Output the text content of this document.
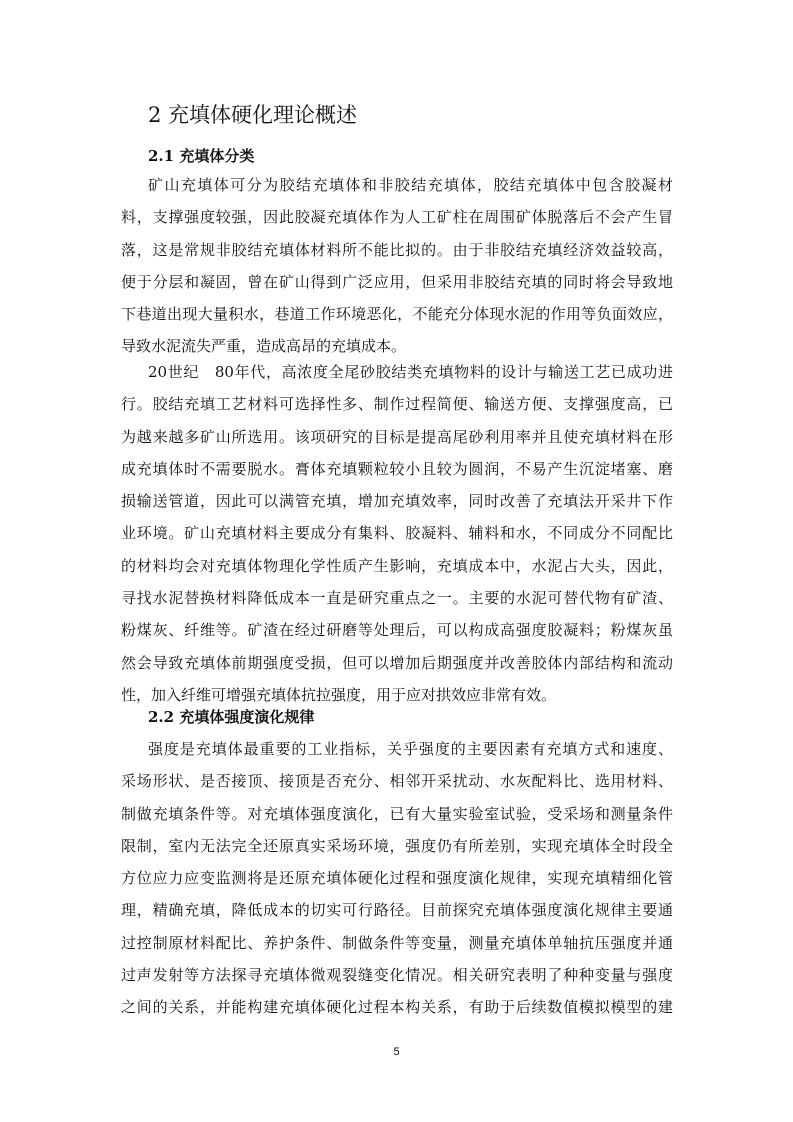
2 充填体硬化理论概述
2.1 充填体分类
矿山充填体可分为胶结充填体和非胶结充填体，胶结充填体中包含胶凝材
料，支撑强度较强，因此胶凝充填体作为人工矿柱在周围矿体脱落后不会产生冒
落，这是常规非胶结充填体材料所不能比拟的。由于非胶结充填经济效益较高，
便于分层和凝固，曾在矿山得到广泛应用，但采用非胶结充填的同时将会导致地
下巷道出现大量积水，巷道工作环境恶化，不能充分体现水泥的作用等负面效应，
导致水泥流失严重，造成高昂的充填成本。
20世纪　80年代，高浓度全尾砂胶结类充填物料的设计与输送工艺已成功进
行。胶结充填工艺材料可选择性多、制作过程简便、输送方便、支撑强度高，已
为越来越多矿山所选用。该项研究的目标是提高尾砂利用率并且使充填材料在形
成充填体时不需要脱水。膏体充填颗粒较小且较为圆润，不易产生沉淀堵塞、磨
损输送管道，因此可以满管充填，增加充填效率，同时改善了充填法开采井下作
业环境。矿山充填材料主要成分有集料、胶凝料、辅料和水，不同成分不同配比
的材料均会对充填体物理化学性质产生影响，充填成本中，水泥占大头，因此，
寻找水泥替换材料降低成本一直是研究重点之一。主要的水泥可替代物有矿渣、
粉煤灰、纤维等。矿渣在经过研磨等处理后，可以构成高强度胶凝料；粉煤灰虽
然会导致充填体前期强度受损，但可以增加后期强度并改善胶体内部结构和流动
性，加入纤维可增强充填体抗拉强度，用于应对拱效应非常有效。
2.2 充填体强度演化规律
强度是充填体最重要的工业指标，关乎强度的主要因素有充填方式和速度、
采场形状、是否接顶、接顶是否充分、相邻开采扰动、水灰配料比、选用材料、
制做充填条件等。对充填体强度演化，已有大量实验室试验，受采场和测量条件
限制，室内无法完全还原真实采场环境，强度仍有所差别，实现充填体全时段全
方位应力应变监测将是还原充填体硬化过程和强度演化规律，实现充填精细化管
理，精确充填，降低成本的切实可行路径。目前探究充填体强度演化规律主要通
过控制原材料配比、养护条件、制做条件等变量，测量充填体单轴抗压强度并通
过声发射等方法探寻充填体微观裂缝变化情况。相关研究表明了种种变量与强度
之间的关系，并能构建充填体硬化过程本构关系，有助于后续数值模拟模型的建
5
